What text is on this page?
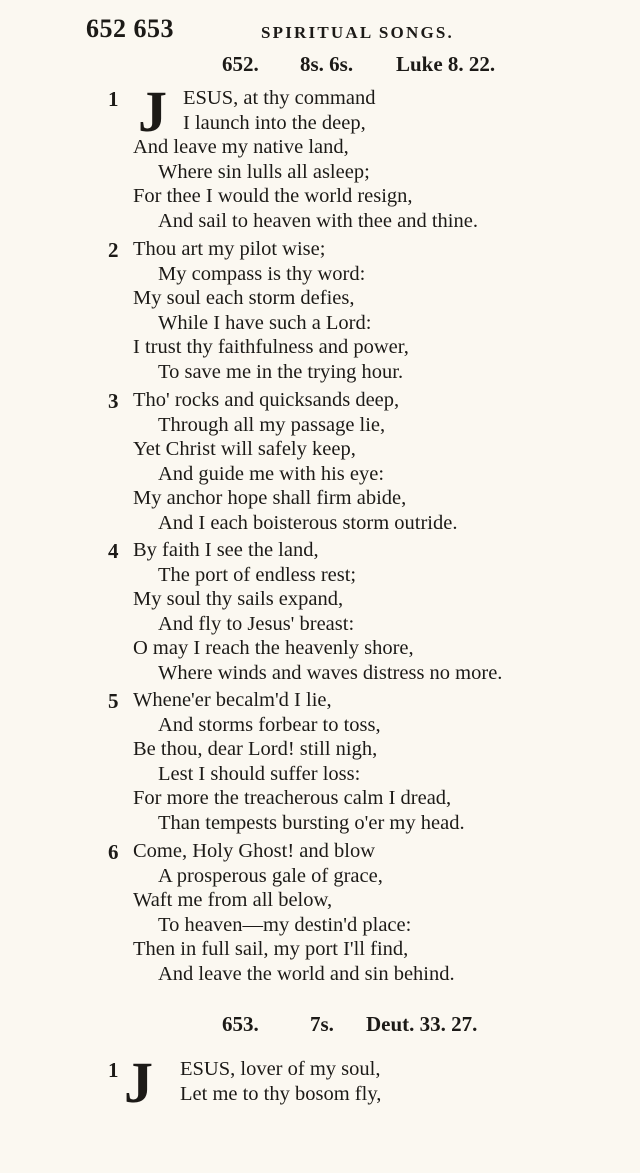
652 653	SPIRITUAL SONGS.
652. 8s. 6s. Luke 8. 22.
1 J ESUS, at thy command
I launch into the deep,
And leave my native land,
Where sin lulls all asleep;
For thee I would the world resign,
And sail to heaven with thee and thine.
2 Thou art my pilot wise;
My compass is thy word:
My soul each storm defies,
While I have such a Lord:
I trust thy faithfulness and power,
To save me in the trying hour.
3 Tho' rocks and quicksands deep,
Through all my passage lie,
Yet Christ will safely keep,
And guide me with his eye:
My anchor hope shall firm abide,
And I each boisterous storm outride.
4 By faith I see the land,
The port of endless rest;
My soul thy sails expand,
And fly to Jesus' breast:
O may I reach the heavenly shore,
Where winds and waves distress no more.
5 Whene'er becalm'd I lie,
And storms forbear to toss,
Be thou, dear Lord! still nigh,
Lest I should suffer loss:
For more the treacherous calm I dread,
Than tempests bursting o'er my head.
6 Come, Holy Ghost! and blow
A prosperous gale of grace,
Waft me from all below,
To heaven—my destin'd place:
Then in full sail, my port I'll find,
And leave the world and sin behind.
653. 7s. Deut. 33. 27.
1 J ESUS, lover of my soul,
Let me to thy bosom fly,
